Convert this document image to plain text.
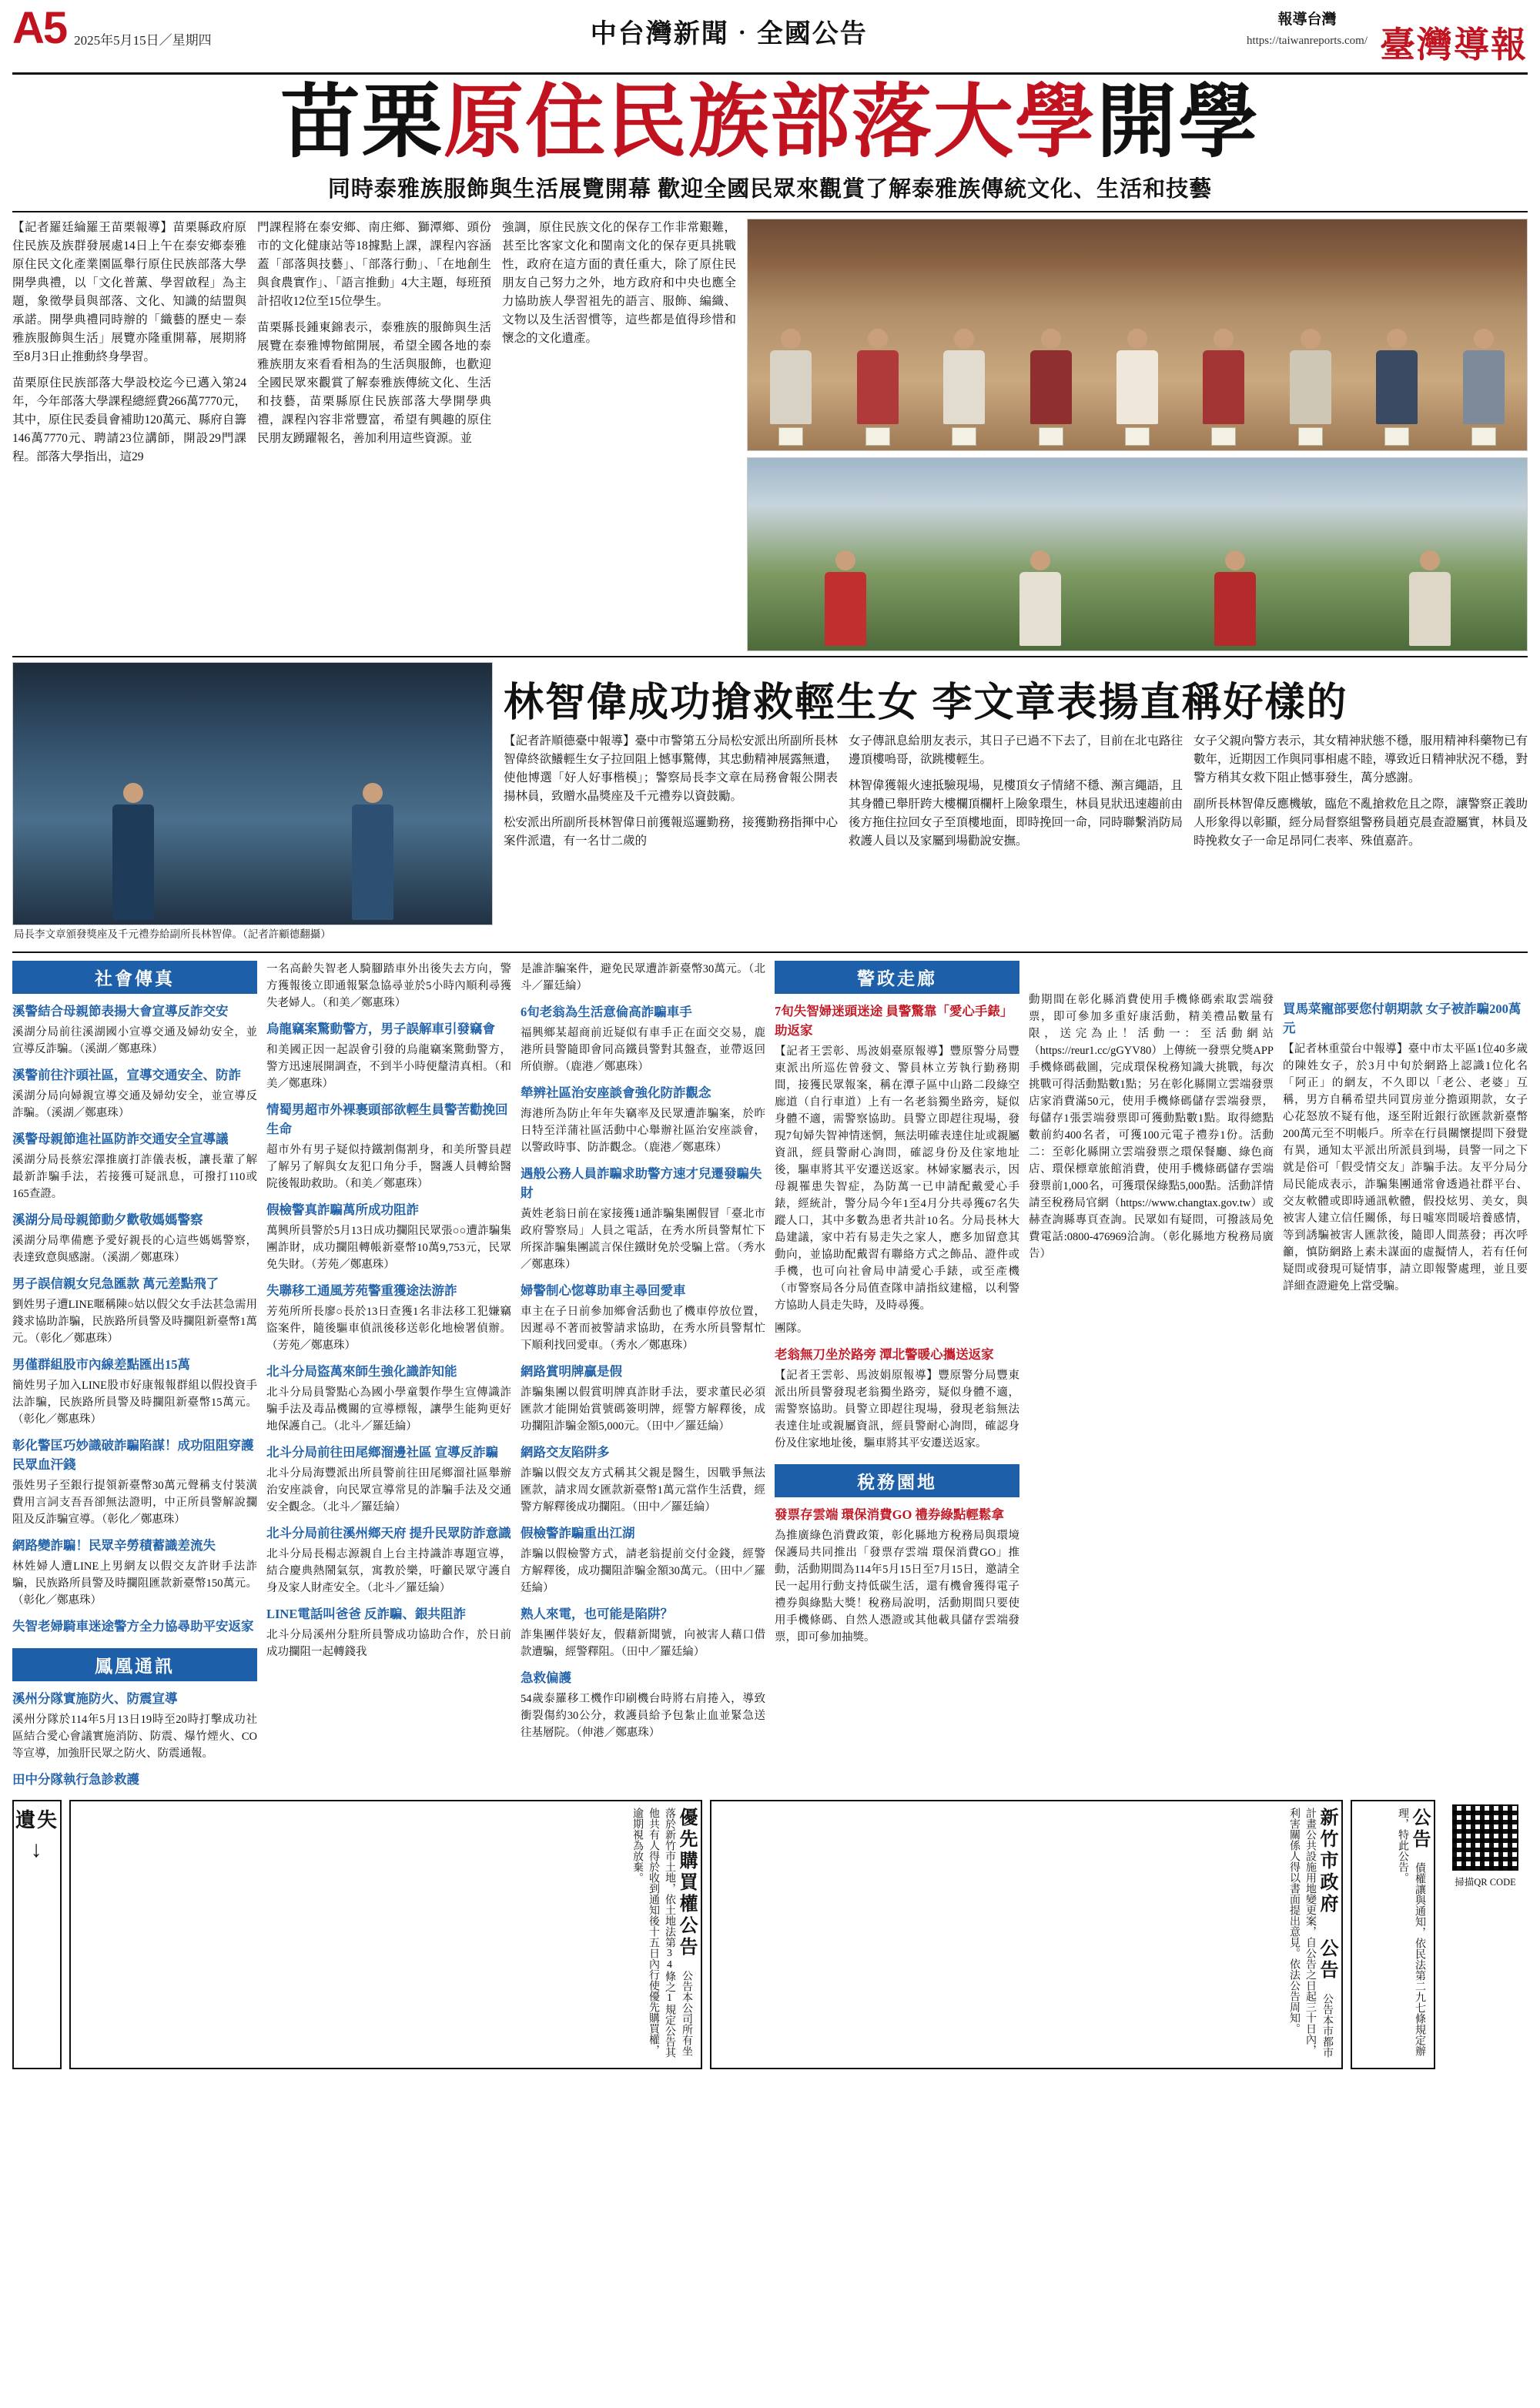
A5 2025年5月15日／星期四	中台灣新聞‧全國公告
報導台灣
https://taiwanreports.com/ 臺灣導報
苗栗原住民族部落大學開學
同時泰雅族服飾與生活展覽開幕 歡迎全國民眾來觀賞了解泰雅族傳統文化、生活和技藝

【記者羅廷綸羅王苗栗報導】苗栗縣政府原住民族及族群發展處14日上午在泰安鄉泰雅原住民文化產業園區舉行原住民族部落大學開學典禮，以「文化普薰、學習啟程」為主題，象徵學員與部落、文化、知識的結盟與承諾。開學典禮同時辦的「織藝的歷史－泰雅族服飾與生活」展覽亦隆重開幕，展期將至8月3日止推動終身學習。

苗栗原住民族部落大學設校迄今已邁入第24年，今年部落大學課程總經費266萬7770元，其中，原住民委員會補助120萬元、縣府自籌146萬7770元、聘請23位講師，開設29門課程。部落大學指出，這29

門課程將在泰安鄉、南庄鄉、獅潭鄉、頭份市的文化健康站等18據點上課，課程內容涵蓋「部落與技藝」、「部落行動」、「在地創生與食農實作」、「語言推動」4大主題，每班預計招收12位至15位學生。

苗栗縣長鍾東錦表示，泰雅族的服飾與生活展覽在泰雅博物館開展，希望全國各地的泰雅族朋友來看看相為的生活與服飾，也歡迎全國民眾來觀賞了解泰雅族傳統文化、生活和技藝，苗栗縣原住民族部落大學開學典禮，課程內容非常豐富，希望有興趣的原住民朋友踴躍報名，善加利用這些資源。並

強調，原住民族文化的保存工作非常艱難，甚至比客家文化和閩南文化的保存更具挑戰性，政府在這方面的責任重大，除了原住民朋友自己努力之外，地方政府和中央也應全力協助族人學習祖先的語言、服飾、編織、文物以及生活習慣等，這些都是值得珍惜和懷念的文化遺產。

局長李文章頒發獎座及千元禮券給副所長林智偉。（記者許顧德翻攝）
林智偉成功搶救輕生女 李文章表揚直稱好樣的

【記者許順德臺中報導】臺中市警第五分局松安派出所副所長林智偉終欲鱶輕生女子拉回阻上憾事驚傳，其忠動精神展露無遺，使他博選「好人好事楷模」；警察局長李文章在局務會報公開表揚林員，致贈水晶獎座及千元禮券以資鼓勵。

松安派出所副所長林智偉日前獲報巡邏勤務，接獲勤務指揮中心案件派遣，有一名廿二歲的

女子傳訊息給朋友表示，其日子已過不下去了，目前在北屯路往邊頂樓嗚哥，欲跳樓輕生。

林智偉獲報火速抵驗現場，見樓頂女子情緒不穩、瀕言繩語，且其身體已舉肝跨大樓欄頂欄杆上險象環生，林員見狀迅速趨前由後方拖住拉回女子至頂樓地面，即時挽回一命，同時聯繫消防局救護人員以及家屬到場勸說安撫。

女子父親向警方表示，其女精神狀態不穩，服用精神科藥物已有數年，近期因工作與同事相處不睦，導致近日精神狀況不穩，對警方稍其女救下阻止憾事發生，萬分感謝。

副所長林智偉反應機敏，臨危不亂搶救危且之際，讓警察正義助人形象得以彰顯，經分局督察組警務員趙克晨查證屬實，林員及時挽救女子一命足昂同仁表率、殊值嘉許。

社會傳真
溪警結合母親節表揚大會宣導反詐交安
溪湖分局前往溪湖國小宣導交通及婦幼安全，並宣導反詐騙。（溪湖／鄭惠珠）
溪警前往汴頭社區，宣導交通安全、防詐
溪湖分局向婦親宣導交通及婦幼安全，並宣導反詐騙。（溪湖／鄭惠珠）
溪警母親節進社區防詐交通安全宣導議
溪湖分局長蔡宏澤推廣打詐儀表板，讓長輩了解最新詐騙手法，若接獲可疑訊息，可撥打110或165查證。
溪湖分局母親節動夕歡敬媽媽警察
溪湖分局準備應予愛好親長的心這些媽媽警察，表達致意與感謝。（溪湖／鄭惠珠）
男子誤信親女兒急匯款 萬元差點飛了
劉姓男子遭LINE暱稱陳○姑以假父女手法甚急需用錢求協助詐騙，民族路所員警及時攔阻新臺幣1萬元。（彰化／鄭惠珠）
男僅群組股市內線差點匯出15萬
簡姓男子加入LINE股市好康報報群組以假投資手法詐騙，民族路所員警及時攔阻新臺幣15萬元。（彰化／鄭惠珠）
彰化警匡巧妙識破詐騙陷謀！成功阻阻穿護民眾血汗錢
張姓男子至銀行提領新臺幣30萬元聲稱支付裝潢費用言詞支吾吾卻無法證明，中正所員警解說攔阻及反詐騙宣導。（彰化／鄭惠珠）
網路變詐騙！民眾辛勞積蓄識差流失
林姓婦人遭LINE上男網友以假交友許財手法詐騙，民族路所員警及時攔阻匯款新臺幣150萬元。（彰化／鄭惠珠）
失智老婦騎車迷途警方全力協尋助平安返家
鳳凰通訊
溪州分隊實施防火、防震宣導
溪州分隊於114年5月13日19時至20時打擊成功社區結合愛心會議實施消防、防震、爆竹煙火、CO等宣導，加強肝民眾之防火、防震通報。
田中分隊執行急診救護
一名高齡失智老人騎腳踏車外出後失去方向，警方獲報後立即通報緊急協尋並於5小時內順利尋獲失老婦人。（和美／鄭惠珠）
烏龍竊案驚動警方，男子誤解車引發竊會
和美國正因一起誤會引發的烏龍竊案驚動警方，警方迅速展開調查，不到半小時便釐清真相。（和美／鄭惠珠）
情蜀男超市外裸裹頭部欲輕生員警苦勸挽回生命
超市外有男子疑似持鐵割傷割身，和美所警員趕了解另了解與女友犯口角分手，醫護人員轉給醫院後報助救助。（和美／鄭惠珠）
假檢警真詐騙萬所成功阻詐
萬興所員警於5月13日成功攔阻民眾張○○遭詐騙集團詐財，成功攔阻轉帳新臺幣10萬9,753元，民眾免失財。（芳苑／鄭惠珠）
失聯移工通風芳苑警重獲途法游詐
芳苑所所長廖○長於13日查獲1名非法移工犯嫌竊盜案件，隨後驅車偵訊後移送彰化地檢署偵辦。（芳苑／鄭惠珠）
北斗分局盜萬來師生強化識詐知能
北斗分局員警點心為國小學童製作學生宣傳識詐騙手法及毒品機關的宣導標報，讓學生能夠更好地保護自己。（北斗／羅廷綸）
北斗分局前往田尾鄉溜邊社區 宣導反詐騙
北斗分局海豐派出所員警前往田尾鄉溜社區舉辦治安座談會，向民眾宣導常見的詐騙手法及交通安全觀念。（北斗／羅廷綸）
北斗分局前往溪州鄉天府 提升民眾防詐意識
北斗分局長楊志源親自上台主持識詐專題宣導，結合慶典熱鬧氣氛，寓教於樂，吁籲民眾守護自身及家人財產安全。（北斗／羅廷綸）
LINE電話叫爸爸 反詐騙、銀共阻詐
北斗分局溪州分駐所員警成功協助合作，於日前成功攔阻一起轉錢我
是誰詐騙案件，避免民眾遭詐新臺幣30萬元。（北斗／羅廷綸）
6旬老翁為生活意倫高詐騙車手
福興鄉某超商前近疑似有車手正在面交交易，鹿港所員警隨即會同高鐵員警對其盤查，並帶返回所偵辦。（鹿港／鄭惠珠）
犖辨社區治安座談會強化防詐觀念
海港所為防止年年失竊率及民眾遭詐騙案，於昨日特至洋蒲社區活動中心舉辦社區治安座談會，以警政時事、防詐觀念。（鹿港／鄭惠珠）
遇般公務人員詐騙求助警方速才兒遷發騙失財
黃姓老翁日前在家接獲1通詐騙集團假冒「臺北市政府警察局」人員之電話，在秀水所員警幫忙下所探詐騙集團謊言保住鐵財免於受騙上當。（秀水／鄭惠珠）
婦警制心惚尊助車主尋回愛車
車主在子日前參加鄉會活動也了機車停放位置，因遲尋不著而被警請求協助，在秀水所員警幫忙下順利找回愛車。（秀水／鄭惠珠）
網路賞明牌贏是假
詐騙集團以假賞明牌真詐財手法，要求董民必須匯款才能開始賞號碼簽明牌，經警方解釋後，成功攔阻詐騙金額5,000元。（田中／羅廷綸）
網路交友陷阱多
詐騙以假交友方式稱其父親是醫生，因戰爭無法匯款，請求周女匯款新臺幣1萬元當作生活費，經警方解釋後成功攔阻。（田中／羅廷綸）
假檢警詐騙重出江湖
詐騙以假檢警方式，請老翁提前交付金錢，經警方解釋後，成功攔阻詐騙金額30萬元。（田中／羅廷綸）
熟人來電，也可能是陷阱？
詐集團伴裝好友，假藉新聞號，向被害人藉口借款遭騙，經警釋阻。（田中／羅廷綸）
急救偏護
54歲泰羅移工機作印刷機台時將右肩捲入，導致衝裂傷約30公分，救護員給予包紮止血並緊急送往基層院。（伸港／鄭惠珠）
警政走廊
7旬失智婦迷頭迷途 員警驚靠「愛心手錶」助返家
【記者王雲彰、馬波娟臺原報導】豐原警分局豐東派出所巡佐曾發文、警員林立芳執行勤務期間，接獲民眾報案，稱在潭子區中山路二段綠空廊道（自行車道）上有一名老翁獨坐路旁，疑似身體不適，需警察協助。員警立即趕往現場，發現7旬婦失智神情迷惘，無法明確表達住址或親屬資訊，經員警耐心詢問，確認身份及住家地址後，驅車將其平安遷送返家。林婦家屬表示，因母親罹患失智症，為防萬一已申請配戴愛心手錶，經統計，警分局今年1至4月分共尋獲67名失蹤人口，其中多數為患者共計10名。分局長林大島建議，家中若有易走失之家人，應多加留意其動向，並協助配戴習有聯絡方式之飾品、證件或手機，也可向社會局申請愛心手錶，或至產機（市警察局各分局值查隊申請指紋建檔，以利警方協助人員走失時，及時尋獲。
團隊。
老翁無刀坐於路旁 潭北警暖心攜送返家
【記者王雲彰、馬波娟原報導】豐原警分局豐東派出所員警發現老翁獨坐路旁，疑似身體不適，需警察協助。員警立即趕往現場，發現老翁無法表達住址或親屬資訊，經員警耐心詢問，確認身份及住家地址後，驅車將其平安遷送返家。
稅務園地
發票存雲端 環保消費GO 禮券綠點輕鬆拿
為推廣綠色消費政策，彰化縣地方稅務局與環境保護局共同推出「發票存雲端 環保消費GO」推動，活動期間為114年5月15日至7月15日，邀請全民一起用行動支持低碳生活，還有機會獲得電子禮券與綠點大獎！稅務局說明，活動期間只要使用手機條碼、自然人憑證或其他載具儲存雲端發票，即可參加抽獎。
動期間在彰化縣消費使用手機條碼索取雲端發票，即可參加多重好康活動，精美禮品數量有限，送完為止！活動一：至活動網站（https://reur1.cc/gGYV80）上傳統一發票兌獎APP手機條碼截圖，完成環保稅務知識大挑戰，每次挑戰可得活動點數1點；另在彰化縣開立雲端發票店家消費滿50元，使用手機條碼儲存雲端發票，每儲存1張雲端發票即可獲動點數1點。取得總點數前約400名者，可獲100元電子禮券1份。活動二：至彰化縣開立雲端發票之環保餐廳、綠色商店、環保標章旅館消費，使用手機條碼儲存雲端發票前1,000名，可獲環保綠點5,000點。活動詳情請至稅務局官網（https://www.changtax.gov.tw）或赫查詢縣專頁查詢。民眾如有疑問，可撥該局免費電話:0800-476969洽詢。（彰化縣地方稅務局廣告）
買馬菜寵部要您付朝期款 女子被詐騙200萬元
【記者林重螢台中報導】臺中市太平區1位40多歲的陳姓女子，於3月中旬於網路上認識1位化名「阿正」的網友，不久即以「老公、老婆」互稱，男方自稱希望共同買房並分擔頭期款，女子心花怒放不疑有他，逐至附近銀行欲匯款新臺幣200萬元至不明帳戶。所幸在行員關懷提問下發覺有異，通知太平派出所派員到場，員警一同之下就是俗可「假受情交友」詐騙手法。友平分局分局民能成表示，詐騙集團通常會透過社群平台、交友軟體或即時通訊軟體，假投炫男、美女，與被害人建立信任關係，每日噓寒問暖培養感情，等到誘騙被害人匯款後，隨即人間蒸發；再次呼籲，慎防網路上素未謀面的虛擬情人，若有任何疑問或發現可疑情事，請立即報警處理，並且要詳細查證避免上當受騙。
遺失
↓	優先購買權公告 公告本公司所有坐落於新竹市土地，依土地法第34條之1規定公告其他共有人得於收到通知後十五日內行使優先購買權，逾期視為放棄。	新竹市政府 公告 公告本市都市計畫公共設施用地變更案，自公告之日起三十日內，利害關係人得以書面提出意見。依法公告周知。	公告 債權讓與通知，依民法第二九七條規定辦理，特此公告。	掃描QR CODE
